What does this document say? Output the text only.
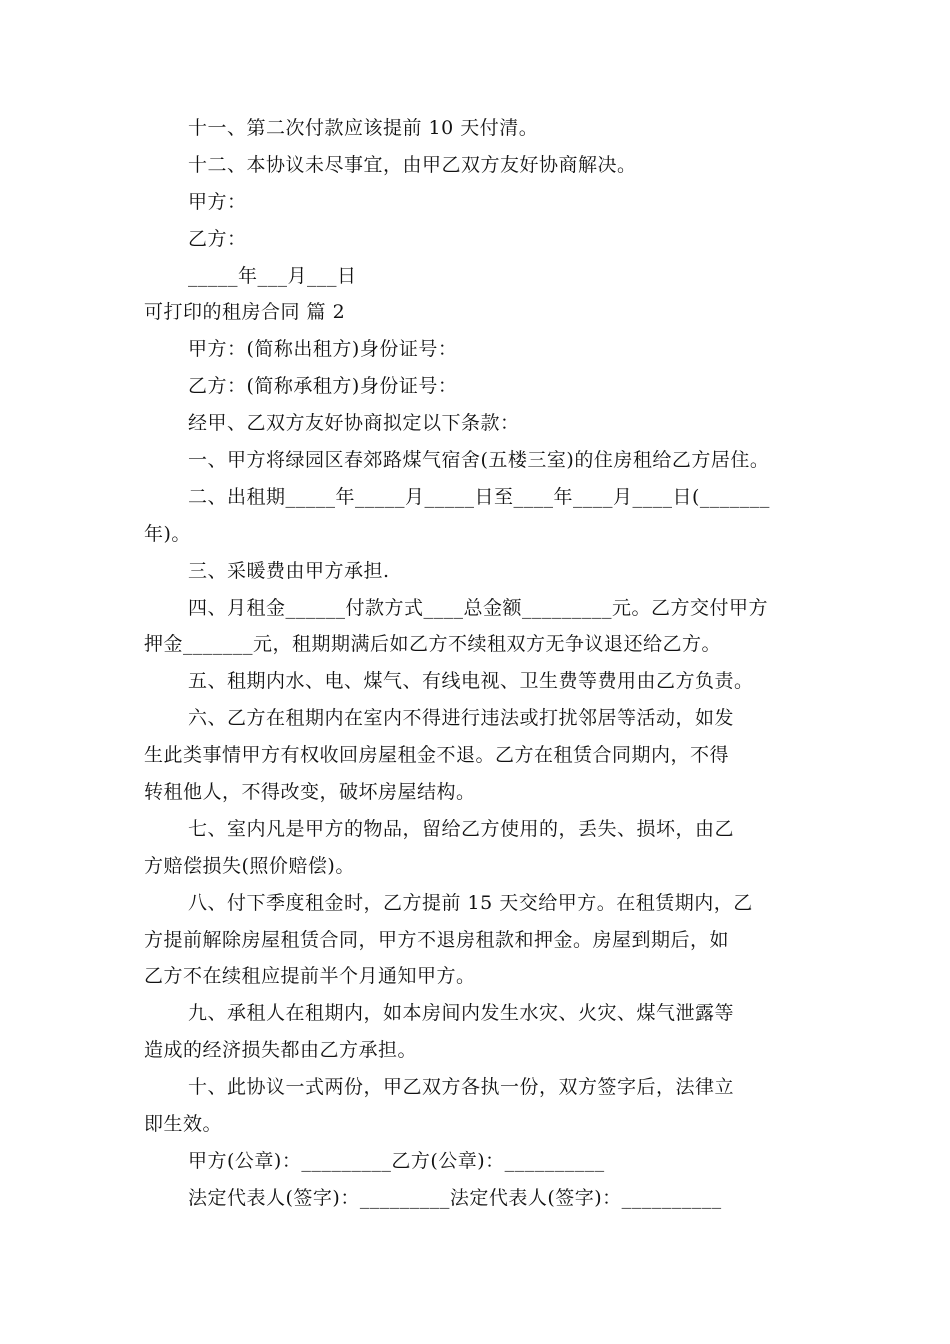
十一、第二次付款应该提前 10 天付清。
十二、本协议未尽事宜，由甲乙双方友好协商解决。
甲方：
乙方：
_____年___月___日
可打印的租房合同 篇 2
甲方：(简称出租方)身份证号：
乙方：(简称承租方)身份证号：
经甲、乙双方友好协商拟定以下条款：
一、甲方将绿园区春郊路煤气宿舍(五楼三室)的住房租给乙方居住。
二、出租期_____年_____月_____日至____年____月____日(_______
年)。
三、采暖费由甲方承担.
四、月租金______付款方式____总金额_________元。乙方交付甲方
押金_______元，租期期满后如乙方不续租双方无争议退还给乙方。
五、租期内水、电、煤气、有线电视、卫生费等费用由乙方负责。
六、乙方在租期内在室内不得进行违法或打扰邻居等活动，如发
生此类事情甲方有权收回房屋租金不退。乙方在租赁合同期内，不得
转租他人，不得改变，破坏房屋结构。
七、室内凡是甲方的物品，留给乙方使用的，丢失、损坏，由乙
方赔偿损失(照价赔偿)。
八、付下季度租金时，乙方提前 15 天交给甲方。在租赁期内，乙
方提前解除房屋租赁合同，甲方不退房租款和押金。房屋到期后，如
乙方不在续租应提前半个月通知甲方。
九、承租人在租期内，如本房间内发生水灾、火灾、煤气泄露等
造成的经济损失都由乙方承担。
十、此协议一式两份，甲乙双方各执一份，双方签字后，法律立
即生效。
甲方(公章)：_________乙方(公章)：__________
法定代表人(签字)：_________法定代表人(签字)：__________
